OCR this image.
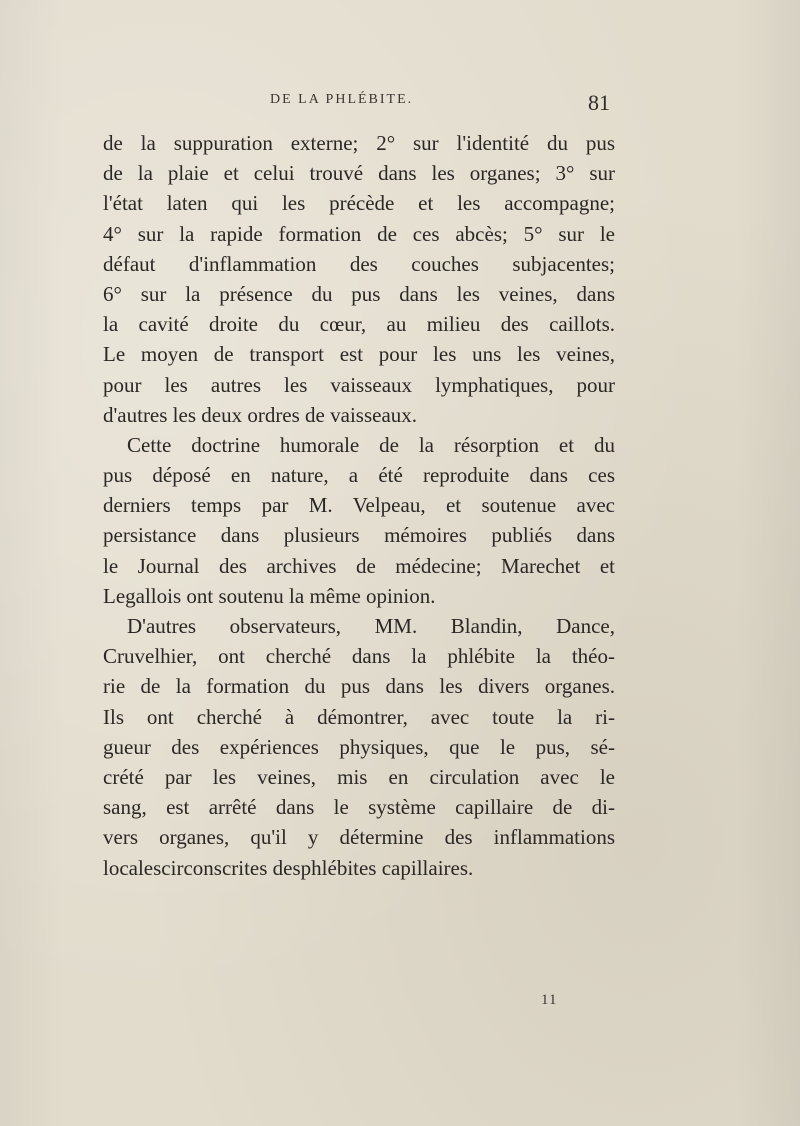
DE LA PHLÉBITE.	81
de la suppuration externe; 2° sur l'identité du pus
de la plaie et celui trouvé dans les organes; 3° sur
l'état laten qui les précède et les accompagne;
4° sur la rapide formation de ces abcès; 5° sur le
défaut d'inflammation des couches subjacentes;
6° sur la présence du pus dans les veines, dans
la cavité droite du cœur, au milieu des caillots.
Le moyen de transport est pour les uns les veines,
pour les autres les vaisseaux lymphatiques, pour
d'autres les deux ordres de vaisseaux.
Cette doctrine humorale de la résorption et du
pus déposé en nature, a été reproduite dans ces
derniers temps par M. Velpeau, et soutenue avec
persistance dans plusieurs mémoires publiés dans
le Journal des archives de médecine; Marechet et
Legallois ont soutenu la même opinion.
D'autres observateurs, MM. Blandin, Dance,
Cruvelhier, ont cherché dans la phlébite la théo-
rie de la formation du pus dans les divers organes.
Ils ont cherché à démontrer, avec toute la ri-
gueur des expériences physiques, que le pus, sé-
crété par les veines, mis en circulation avec le
sang, est arrêté dans le système capillaire de di-
vers organes, qu'il y détermine des inflammations
localescirconscrites desphlébites capillaires.
11
